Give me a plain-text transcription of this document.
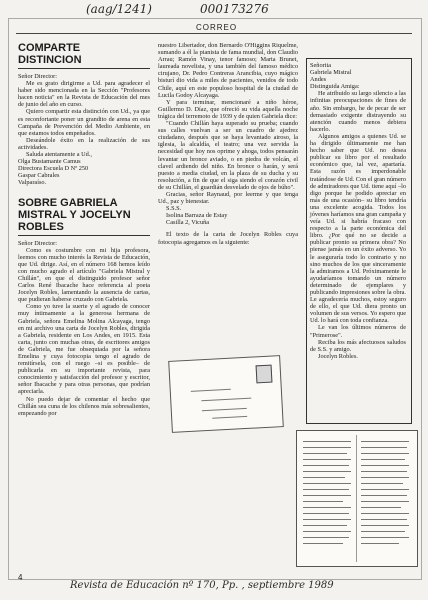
(aag/1241)	000173276
CORREO
COMPARTE
DISTINCION

Señor Director:

Me es grato dirigirme a Ud. para agradecer el haber sido mencionada en la Sección "Profesores hacen noticia" en la Revista de Educación del mes de junio del año en curso.

Quiero compartir esta distinción con Ud., ya que es reconfortante poner un grandito de arena en esta Campaña de Prevención del Medio Ambiente, en que estamos todos empeñados.

Deseándole éxito en la realización de sus actividades.

Saluda atentamente a Ud.,

Olga Bustamante Camus

Directora Escuela D Nº 250

Gaspar Cabrales

Valparaíso.

SOBRE GABRIELA
MISTRAL Y JOCELYN
ROBLES

Señor Director:

Como es costumbre con mi hija profesora, leemos con mucho interés la Revista de Educación, que Ud. dirige. Así, en el número 168 hemos leído con mucho agrado el artículo "Gabriela Mistral y Chillán", en que el distinguido profesor señor Carlos René Ibacache hace referencia al poeta Jocelyn Robles, lamentando la ausencia de cartas, que pudieran haberse cruzado con Gabriela.

Como yo tuve la suerte y el agrado de conocer muy íntimamente a la generosa hermana de Gabriela, señora Emelina Molina Alcayaga, tengo en mi archivo una carta de Jocelyn Robles, dirigida a Gabriela, residente en Los Andes, en 1915. Esta carta, junto con muchas otras, de escritores amigos de Gabriela, me fue obsequiada por la señora Emelina y cuya fotocopia tengo el agrado de remitírsela, con el ruego –si es posible– de publicarla en su importante revista, para conocimiento y satisfacción del profesor y escritor, señor Ibacache y para otras personas, que podrían apreciarla.

No puedo dejar de comentar el hecho que Chillán sea cuna de los chilenos más sobresalientes, empezando por

nuestro Libertador, don Bernardo O'Higgins Riquelme, sumando a él la pianista de fama mundial, don Claudio Arrau; Ramón Vinay, tenor famoso; Marta Brunet, laureada novelista, y una también del famoso médico cirujano, Dr. Pedro Contreras Arancibia, cuyo mágico bisturí dio vida a miles de pacientes, venidos de todo Chile, aquí en este populoso hospital de la ciudad de Lucila Godoy Alcayaga.

Y para terminar, mencionaré a niño héroe, Guillermo D. Díaz, que ofreció su vida aquella noche trágica del terremoto de 1939 y de quien Gabriela dice:

"Cuando Chillán haya superado su prueba; cuando sus calles vuelvan a ser un cuadro de ajedrez ciudadano, después que se haya levantado airoso, la iglesia, la alcaldía, el teatro; una vez servida la necesidad que hoy nos oprime y ahoga, todos pensarán levantar un bronce aviado, o en piedra de volcán, el clavel ardiendo del niño. En bronce o harán, y será puesto a media ciudad, en la plaza de su ducha y su resolución, a fin de que el siga siendo el corazón civil de su Chillán, el guardián desvelado de ojos de búho".

Gracias, señor Raynaud, por leerme y que tenga Ud., paz y bienestar.

S.S.S.

Isolina Barraza de Estay

Casilla 2, Vicuña

El texto de la carta de Jocelyn Robles cuya fotocopia agregamos es la siguiente:

Señorita

Gabriela Mistral

Andes

Distinguida Amiga:

He atribuido su largo silencio a las infinitas preocupaciones de fines de año. Sin embargo, he de pecar de ser demasiado exigente distrayendo su atención cuando menos debiera hacerlo.

Algunos amigos a quienes Ud. se ha dirigido últimamente me han hecho saber que Ud. no desea publicar su libro por el resultado económico que, tal vez, apartaría. Esta razón es imperdonable tratándose de Ud. Con el gran número de admiradores que Ud. tiene aquí –lo digo porque he podido apreciar en más de una ocasión– su libro tendría una excelente acogida. Todos los jóvenes haríamos una gran campaña y veía Ud. si habría fracaso con respecto a la parte económica del libro. ¿Por qué no se decide a publicar pronto su primera obra? No piense jamás en un éxito adverso. Yo le aseguraría todo lo contrario y no sino muchos de los que sinceramente la admiramos a Ud. Próximamente le ayudaríamos tomando un número determinado de ejemplares y publicando impresiones sobre la obra. Le agradecería muchos, estoy seguro de ello, el que Ud. diera pronto un volumen de sus versos. Yo espero que Ud. lo hará con toda confianza.

Le van los últimos números de "Primerose".

Reciba los más afectuosos saludos de S.S. y amigo.

Jocelyn Robles.

4
Revista de Educación nº 170, Pp. , septiembre 1989
